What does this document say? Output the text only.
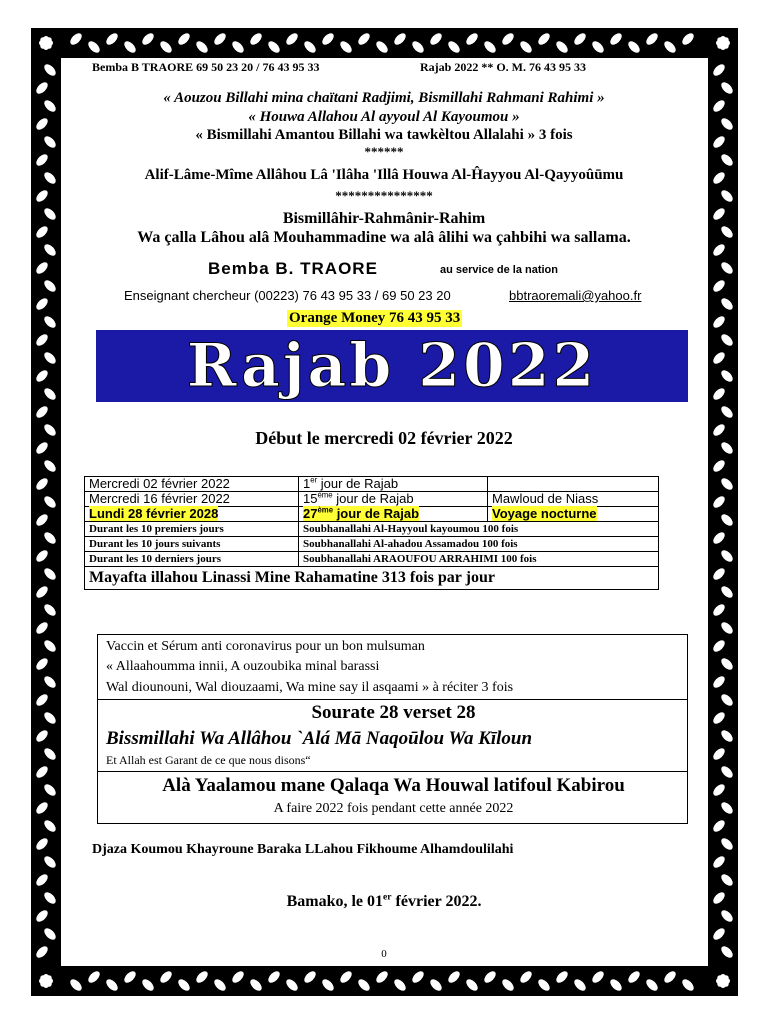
Bemba B TRAORE 69 50 23 20 / 76 43 95 33	Rajab 2022 ** O. M. 76 43 95 33
« Aouzou Billahi mina chaïtani Radjimi, Bismillahi Rahmani Rahimi »
« Houwa Allahou Al ayyoul Al Kayoumou »
« Bismillahi Amantou Billahi wa tawkèltou Allalahi » 3 fois
******
Alif-Lâme-Mîme Allâhou Lâ 'Ilâha 'Illâ Houwa Al-Ĥayyou Al-Qayyoûūmu
***************
Bismillâhir-Rahmânir-Rahim
Wa çalla Lâhou alâ Mouhammadine wa alâ âlihi wa çahbihi wa sallama.
Bemba B. TRAORE	au service de la nation
Enseignant chercheur (00223) 76 43 95 33 / 69 50 23 20	bbtraoremali@yahoo.fr
Orange Money 76 43 95 33
Rajab 2022
Début le mercredi 02 février 2022
Mercredi 02 février 2022	1er jour de Rajab	
Mercredi 16 février 2022	15ème jour de Rajab	Mawloud de Niass
Lundi 28 février 2028	27ème jour de Rajab	Voyage nocturne
Durant les 10 premiers jours	Soubhanallahi Al-Hayyoul kayoumou 100 fois	
Durant les 10 jours suivants	Soubhanallahi Al-ahadou Assamadou 100 fois	
Durant les 10 derniers jours	Soubhanallahi ARAOUFOU ARRAHIMI 100 fois	
Mayafta illahou Linassi Mine Rahamatine 313 fois par jour		
Vaccin et Sérum anti coronavirus pour un bon mulsuman
« Allaahoumma innii, A ouzoubika minal barassi
Wal diounouni, Wal diouzaami, Wa mine say il asqaami » à réciter 3 fois
Sourate 28 verset 28
Bissmillahi Wa Allâhou `Alá Mā Naqoūlou Wa Kīloun
Et Allah est Garant de ce que nous disons“
Alà Yaalamou mane Qalaqa Wa Houwal latifoul Kabirou
A faire 2022 fois pendant cette année 2022
Djaza Koumou Khayroune Baraka LLahou Fikhoume Alhamdoulilahi
Bamako, le 01er février 2022.
0
